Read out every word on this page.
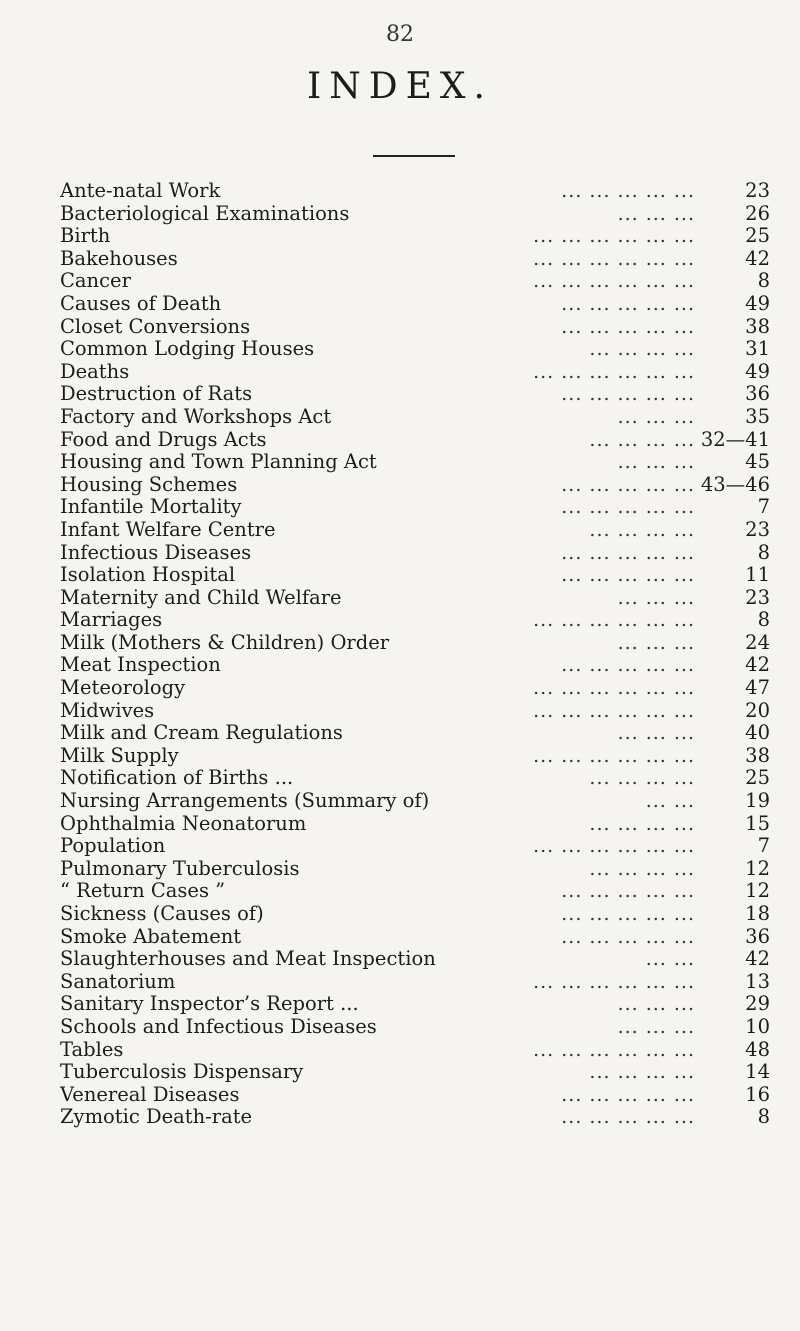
82
INDEX.
... ... ... ... ...
Ante-natal Work	23
... ... ...
Bacteriological Examinations	26
... ... ... ... ... ...
Birth	25
... ... ... ... ... ...
Bakehouses	42
... ... ... ... ... ...
Cancer	8
... ... ... ... ...
Causes of Death	49
... ... ... ... ...
Closet Conversions	38
... ... ... ...
Common Lodging Houses	31
... ... ... ... ... ...
Deaths	49
... ... ... ... ...
Destruction of Rats	36
... ... ...
Factory and Workshops Act	35
... ... ... ...
Food and Drugs Acts	32—41
... ... ...
Housing and Town Planning Act	45
... ... ... ... ...
Housing Schemes	43—46
... ... ... ... ...
Infantile Mortality	7
... ... ... ...
Infant Welfare Centre	23
... ... ... ... ...
Infectious Diseases	8
... ... ... ... ...
Isolation Hospital	11
... ... ...
Maternity and Child Welfare	23
... ... ... ... ... ...
Marriages	8
... ... ...
Milk (Mothers & Children) Order	24
... ... ... ... ...
Meat Inspection	42
... ... ... ... ... ...
Meteorology	47
... ... ... ... ... ...
Midwives	20
... ... ...
Milk and Cream Regulations	40
... ... ... ... ... ...
Milk Supply	38
... ... ... ...
Notification of Births ...	25
... ...
Nursing Arrangements (Summary of)	19
... ... ... ...
Ophthalmia Neonatorum	15
... ... ... ... ... ...
Population	7
... ... ... ...
Pulmonary Tuberculosis	12
... ... ... ... ...
“ Return Cases ”	12
... ... ... ... ...
Sickness (Causes of)	18
... ... ... ... ...
Smoke Abatement	36
... ...
Slaughterhouses and Meat Inspection	42
... ... ... ... ... ...
Sanatorium	13
... ... ...
Sanitary Inspector’s Report ...	29
... ... ...
Schools and Infectious Diseases	10
... ... ... ... ... ...
Tables	48
... ... ... ...
Tuberculosis Dispensary	14
... ... ... ... ...
Venereal Diseases	16
... ... ... ... ...
Zymotic Death-rate	8
